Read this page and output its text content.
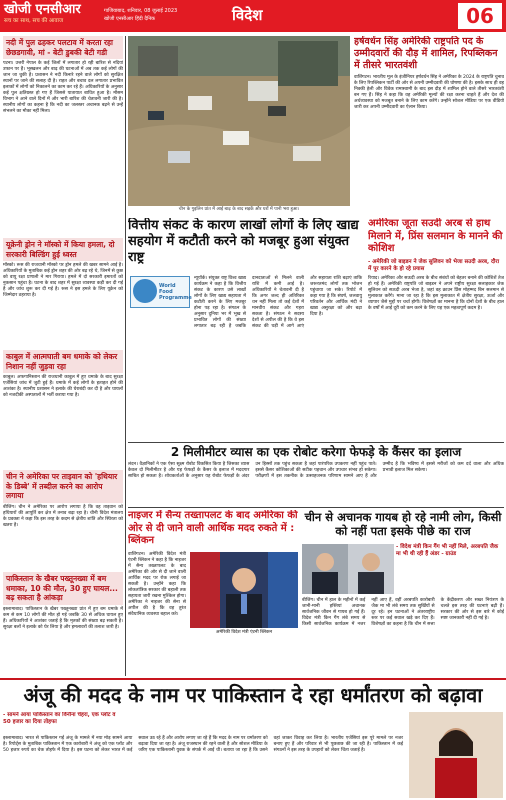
खोजी एनसीआर
सच का साथ, सच की आवाज
गाजियाबाद, शनिवार, 08 जुलाई 2023
खोजी एनसीआर हिंदी दैनिक	विदेश	06
नदी में पुल ढहकर पलटाव में करता रहा छेछडगावी, मां - बेटी डुबकी बेटी गडी
पटना। उत्तरी नेपाल के कई जिलों में लगातार हो रही बारिश से नदियां उफान पर हैं। भूस्खलन और बाढ़ की घटनाओं में अब तक कई लोगों की जान जा चुकी है। प्रशासन ने नदी किनारे रहने वाले लोगों को सुरक्षित स्थानों पर जाने की सलाह दी है। राहत और बचाव दल लगातार प्रभावित इलाकों में लोगों को निकालने का काम कर रहे हैं। अधिकारियों के अनुसार कई पुल क्षतिग्रस्त हो गए हैं जिससे यातायात बाधित हुआ है। मौसम विभाग ने आने वाले दिनों में और भारी बारिश की चेतावनी जारी की है। स्थानीय लोगों का कहना है कि नदी का जलस्तर अचानक बढ़ने से उन्हें संभलने का मौका नहीं मिला।
यूक्रेनी ड्रोन ने मॉस्को में किया हमला, दो सरकारी बिल्डिंग हुई ध्वस्त
मॉस्को। रूस की राजधानी मॉस्को पर ड्रोन हमले की खबर सामने आई है। अधिकारियों के मुताबिक कई ड्रोन शहर की ओर बढ़ रहे थे, जिनमें से कुछ को वायु रक्षा प्रणाली ने मार गिराया। हमले में दो सरकारी इमारतों को नुकसान पहुंचा है। घटना के बाद शहर में सुरक्षा व्यवस्था कड़ी कर दी गई है और जांच शुरू कर दी गई है। रूस ने इस हमले के लिए यूक्रेन को जिम्मेदार ठहराया है।
काबुल में आत्मघाती बम धमाके को लेकर निशान नहीं जुड़वा रहा
काबुल। अफगानिस्तान की राजधानी काबुल में हुए धमाके के बाद सुरक्षा एजेंसियां जांच में जुटी हुई हैं। धमाके में कई लोगों के हताहत होने की आशंका है। स्थानीय प्रशासन ने इलाके की घेराबंदी कर दी है और घायलों को नजदीकी अस्पतालों में भर्ती कराया गया है।
चीन ने अमेरिका पर ताइवान को 'हथियार के डिब्बे' में तब्दील करने का आरोप लगाया
बीजिंग। चीन ने अमेरिका पर आरोप लगाया है कि वह ताइवान को हथियारों की आपूर्ति कर क्षेत्र में तनाव बढ़ा रहा है। चीनी विदेश मंत्रालय के प्रवक्ता ने कहा कि इस तरह के कदम से क्षेत्रीय शांति और स्थिरता को खतरा है।
पाकिस्तान के खैबर पख्तूनख्वा में बम धमाका, 10 की मौत, 30 हुए घायल... बढ़ सकता है आंकड़ा
इस्लामाबाद। पाकिस्तान के खैबर पख्तूनख्वा प्रांत में हुए बम धमाके में कम से कम 10 लोगों की मौत हो गई जबकि 30 से अधिक घायल हुए हैं। अधिकारियों ने आशंका जताई है कि मृतकों की संख्या बढ़ सकती है। सुरक्षा बलों ने इलाके को घेर लिया है और हमलावरों की तलाश जारी है।
चीन के गुइलिन प्रांत में आई बाढ़ के बाद सड़कें और घरों में पानी भरा हुआ।
हर्षवर्धन सिंह अमेरिकी राष्ट्रपति पद के उम्मीदवारों की दौड़ में शामिल, रिपब्लिकन में तीसरे भारतवंशी
वाशिंगटन। भारतीय मूल के इंजीनियर हर्षवर्धन सिंह ने अमेरिका के 2024 के राष्ट्रपति चुनाव के लिए रिपब्लिकन पार्टी की ओर से अपनी उम्मीदवारी की घोषणा की है। इसके साथ ही वह निक्की हेली और विवेक रामास्वामी के बाद इस दौड़ में शामिल होने वाले तीसरे भारतवंशी बन गए हैं। सिंह ने कहा कि वह अमेरिकी मूल्यों की रक्षा करना चाहते हैं और देश की अर्थव्यवस्था को मजबूत बनाने के लिए काम करेंगे। उन्होंने सोशल मीडिया पर एक वीडियो जारी कर अपनी उम्मीदवारी का ऐलान किया।
वित्तीय संकट के कारण लाखों लोगों के लिए खाद्य सहयोग में कटौती करने को मजबूर हुआ संयुक्त राष्ट्र
World Food Programme
न्यूयॉर्क। संयुक्त राष्ट्र विश्व खाद्य कार्यक्रम ने कहा है कि वित्तीय संकट के कारण उसे लाखों लोगों के लिए खाद्य सहायता में कटौती करने के लिए मजबूर होना पड़ रहा है। संगठन के अनुसार दुनिया भर में भूख से प्रभावित लोगों की संख्या लगातार बढ़ रही है जबकि दानदाताओं से मिलने वाली राशि में कमी आई है। अधिकारियों ने चेतावनी दी है कि अगर जल्द ही अतिरिक्त धन नहीं मिला तो कई देशों में मानवीय संकट और गहरा सकता है। संगठन ने सदस्य देशों से अपील की है कि वे इस संकट की घड़ी में आगे आएं और सहायता राशि बढ़ाएं ताकि जरूरतमंद लोगों तक भोजन पहुंचाया जा सके। रिपोर्ट में कहा गया है कि संघर्ष, जलवायु परिवर्तन और आर्थिक मंदी ने खाद्य असुरक्षा को और बढ़ा दिया है।
अमेरिका जूता सउदी अरब से हाथ मिलाने में, प्रिंस सलमान के मानने की कोशिश
- अमेरिकी जो बाइडन ने जेक सुलिवन को भेजा सउदी अरब, दौरा में पूर कारने के हो रहे प्रयास
रियाद। अमेरिका और सऊदी अरब के बीच संबंधों को बेहतर बनाने की कोशिशें तेज हो गई हैं। अमेरिकी राष्ट्रपति जो बाइडन ने अपने राष्ट्रीय सुरक्षा सलाहकार जेक सुलिवन को सऊदी अरब भेजा है, जहां वह क्राउन प्रिंस मोहम्मद बिन सलमान से मुलाकात करेंगे। माना जा रहा है कि इस मुलाकात में क्षेत्रीय सुरक्षा, ऊर्जा और व्यापार जैसे मुद्दों पर चर्चा होगी। विशेषज्ञों का मानना है कि दोनों देशों के बीच हाल के वर्षों में आई दूरी को कम करने के लिए यह एक महत्वपूर्ण कदम है।
2 मिलीमीटर व्यास का एक रोबोट करेगा फेफड़े के कैंसर का इलाज
लंदन। वैज्ञानिकों ने एक ऐसा सूक्ष्म रोबोट विकसित किया है जिसका व्यास केवल दो मिलीमीटर है और यह फेफड़ों के कैंसर के इलाज में मददगार साबित हो सकता है। शोधकर्ताओं के अनुसार यह रोबोट फेफड़ों के अंदर उन हिस्सों तक पहुंच सकता है जहां पारंपरिक उपकरण नहीं पहुंच पाते। इससे कैंसर कोशिकाओं की सटीक पहचान और उपचार संभव हो सकेगा। परीक्षणों में इस तकनीक के उत्साहजनक परिणाम सामने आए हैं और उम्मीद है कि भविष्य में इससे मरीजों को कम दर्द वाला और अधिक प्रभावी इलाज मिल सकेगा।
नाइजर में सैन्य तख्तापलट के बाद अमेरिका की ओर से दी जाने वाली आर्थिक मदद रुकते में : ब्लिंकन
वाशिंगटन। अमेरिकी विदेश मंत्री एंटनी ब्लिंकन ने कहा है कि नाइजर में सैन्य तख्तापलट के बाद अमेरिका की ओर से दी जाने वाली आर्थिक मदद पर रोक लगाई जा सकती है। उन्होंने कहा कि लोकतांत्रिक सरकार की बहाली तक सहायता जारी रखना मुश्किल होगा। अमेरिका ने नाइजर की सेना से अपील की है कि वह तुरंत संवैधानिक व्यवस्था बहाल करे।
अमेरिकी विदेश मंत्री एंटनी ब्लिंकन
चीन से अचानक गायब हो रहे नामी लोग, किसी को नहीं पता इसके पीछे का राज
- विदेश मंत्री किन गैंग भी नहीं मिले, अरबपति जैक मा भी थी रही हैं अंडर - ग्राउंड
बीजिंग। चीन में हाल के महीनों में कई जानी-मानी हस्तियां अचानक सार्वजनिक जीवन से गायब हो गई हैं। विदेश मंत्री किन गैंग लंबे समय से किसी सार्वजनिक कार्यक्रम में नजर नहीं आए हैं, वहीं अरबपति कारोबारी जैक मा भी लंबे समय तक सुर्खियों से दूर रहे। इन घटनाओं ने अंतरराष्ट्रीय स्तर पर कई सवाल खड़े कर दिए हैं। विशेषज्ञों का कहना है कि चीन में सत्ता के केंद्रीकरण और सख्त नियंत्रण के चलते इस तरह की घटनाएं बढ़ी हैं। सरकार की ओर से इस बारे में कोई स्पष्ट जानकारी नहीं दी गई है।
अंजू की मदद के नाम पर पाकिस्तान दे रहा धर्मांतरण को बढ़ावा
- सामने आया पाकिस्तान का विनौना चेहरा, एक प्लॉट व 50 हजार का दिया तोहफा
इस्लामाबाद। भारत से पाकिस्तान गई अंजू के मामले में नया मोड़ सामने आया है। रिपोर्ट्स के मुताबिक पाकिस्तान में एक कारोबारी ने अंजू को एक प्लॉट और 50 हजार रुपये का चेक तोहफे में दिया है। इस घटना को लेकर भारत में कई सवाल उठ रहे हैं और आरोप लगाए जा रहे हैं कि मदद के नाम पर धर्मांतरण को बढ़ावा दिया जा रहा है। अंजू राजस्थान की रहने वाली है और सोशल मीडिया के जरिए एक पाकिस्तानी युवक के संपर्क में आई थी। बताया जा रहा है कि उसने वहां जाकर विवाह कर लिया है। भारतीय एजेंसियां इस पूरे मामले पर नजर बनाए हुए हैं और परिवार से भी पूछताछ की जा रही है। पाकिस्तान में कई संगठनों ने इस तरह के उपहारों को लेकर चिंता जताई है।
